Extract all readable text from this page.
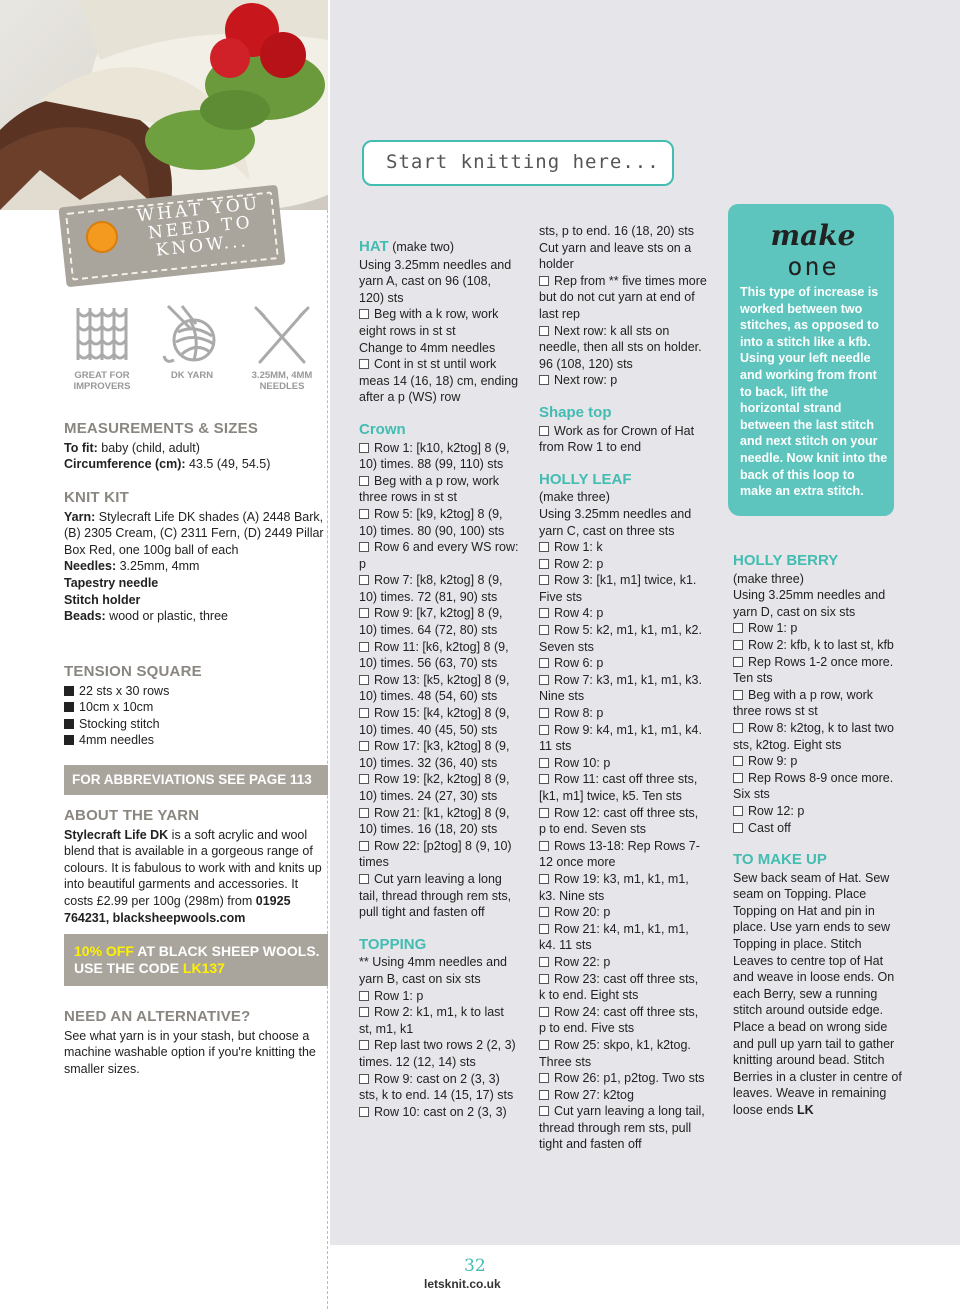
WHAT YOU NEED TO KNOW...
GREAT FOR IMPROVERS
DK YARN	3.25MM, 4MM NEEDLES
MEASUREMENTS & SIZES
To fit: baby (child, adult)
Circumference (cm): 43.5 (49, 54.5)
KNIT KIT
Yarn: Stylecraft Life DK shades (A) 2448 Bark, (B) 2305 Cream, (C) 2311 Fern, (D) 2449 Pillar Box Red, one 100g ball of each
Needles: 3.25mm, 4mm
Tapestry needle
Stitch holder
Beads: wood or plastic, three
TENSION SQUARE
22 sts x 30 rows
10cm x 10cm
Stocking stitch
4mm needles
FOR ABBREVIATIONS SEE PAGE 113
ABOUT THE YARN
Stylecraft Life DK is a soft acrylic and wool blend that is available in a gorgeous range of colours. It is fabulous to work with and knits up into beautiful garments and accessories. It costs £2.99 per 100g (298m) from 01925 764231, blacksheepwools.com
10% OFF AT BLACK SHEEP WOOLS. USE THE CODE LK137
NEED AN ALTERNATIVE?
See what yarn is in your stash, but choose a machine washable option if you're knitting the smaller sizes.
Start knitting here...
HAT (make two)
Using 3.25mm needles and yarn A, cast on 96 (108, 120) sts
Beg with a k row, work eight rows in st st
Change to 4mm needles
Cont in st st until work meas 14 (16, 18) cm, ending after a p (WS) row
Crown
Row 1: [k10, k2tog] 8 (9, 10) times. 88 (99, 110) sts
Beg with a p row, work three rows in st st
Row 5: [k9, k2tog] 8 (9, 10) times. 80 (90, 100) sts
Row 6 and every WS row: p
Row 7: [k8, k2tog] 8 (9, 10) times. 72 (81, 90) sts
Row 9: [k7, k2tog] 8 (9, 10) times. 64 (72, 80) sts
Row 11: [k6, k2tog] 8 (9, 10) times. 56 (63, 70) sts
Row 13: [k5, k2tog] 8 (9, 10) times. 48 (54, 60) sts
Row 15: [k4, k2tog] 8 (9, 10) times. 40 (45, 50) sts
Row 17: [k3, k2tog] 8 (9, 10) times. 32 (36, 40) sts
Row 19: [k2, k2tog] 8 (9, 10) times. 24 (27, 30) sts
Row 21: [k1, k2tog] 8 (9, 10) times. 16 (18, 20) sts
Row 22: [p2tog] 8 (9, 10) times
Cut yarn leaving a long tail, thread through rem sts, pull tight and fasten off
TOPPING
** Using 4mm needles and yarn B, cast on six sts
Row 1: p
Row 2: k1, m1, k to last st, m1, k1
Rep last two rows 2 (2, 3) times. 12 (12, 14) sts
Row 9: cast on 2 (3, 3) sts, k to end. 14 (15, 17) sts
Row 10: cast on 2 (3, 3)
sts, p to end. 16 (18, 20) sts
Cut yarn and leave sts on a holder
Rep from ** five times more but do not cut yarn at end of last rep
Next row: k all sts on needle, then all sts on holder. 96 (108, 120) sts
Next row: p
Shape top
Work as for Crown of Hat from Row 1 to end
HOLLY LEAF
(make three)
Using 3.25mm needles and yarn C, cast on three sts
Row 1: k
Row 2: p
Row 3: [k1, m1] twice, k1. Five sts
Row 4: p
Row 5: k2, m1, k1, m1, k2. Seven sts
Row 6: p
Row 7: k3, m1, k1, m1, k3. Nine sts
Row 8: p
Row 9: k4, m1, k1, m1, k4. 11 sts
Row 10: p
Row 11: cast off three sts, [k1, m1] twice, k5. Ten sts
Row 12: cast off three sts, p to end. Seven sts
Rows 13-18: Rep Rows 7-12 once more
Row 19: k3, m1, k1, m1, k3. Nine sts
Row 20: p
Row 21: k4, m1, k1, m1, k4. 11 sts
Row 22: p
Row 23: cast off three sts, k to end. Eight sts
Row 24: cast off three sts, p to end. Five sts
Row 25: skpo, k1, k2tog. Three sts
Row 26: p1, p2tog. Two sts
Row 27: k2tog
Cut yarn leaving a long tail, thread through rem sts, pull tight and fasten off
make
one
This type of increase is worked between two stitches, as opposed to into a stitch like a kfb. Using your left needle and working from front to back, lift the horizontal strand between the last stitch and next stitch on your needle. Now knit into the back of this loop to make an extra stitch.
HOLLY BERRY
(make three)
Using 3.25mm needles and yarn D, cast on six sts
Row 1: p
Row 2: kfb, k to last st, kfb
Rep Rows 1-2 once more. Ten sts
Beg with a p row, work three rows st st
Row 8: k2tog, k to last two sts, k2tog. Eight sts
Row 9: p
Rep Rows 8-9 once more. Six sts
Row 12: p
Cast off
TO MAKE UP
Sew back seam of Hat. Sew seam on Topping. Place Topping on Hat and pin in place. Use yarn ends to sew Topping in place. Stitch Leaves to centre top of Hat and weave in loose ends. On each Berry, sew a running stitch around outside edge. Place a bead on wrong side and pull up yarn tail to gather knitting around bead. Stitch Berries in a cluster in centre of leaves. Weave in remaining loose ends LK
32
letsknit.co.uk
